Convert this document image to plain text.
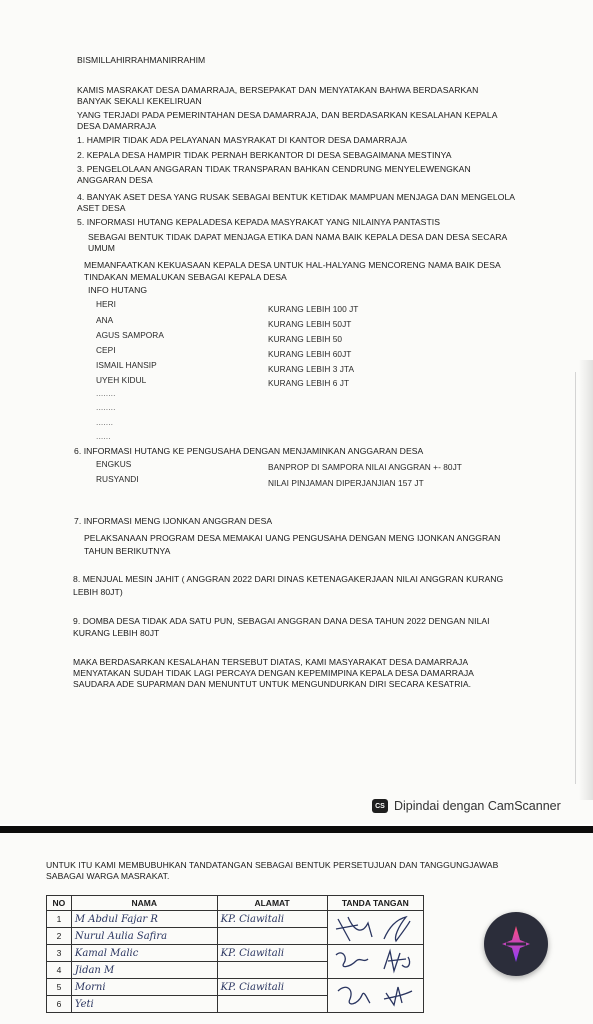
BISMILLAHIRRAHMANIRRAHIM

KAMIS MASRAKAT DESA DAMARRAJA, BERSEPAKAT DAN MENYATAKAN BAHWA BERDASARKAN

BANYAK SEKALI KEKELIRUAN

YANG TERJADI PADA PEMERINTAHAN DESA DAMARRAJA, DAN BERDASARKAN KESALAHAN KEPALA

DESA DAMARRAJA

1. HAMPIR TIDAK ADA PELAYANAN MASYRAKAT DI KANTOR DESA DAMARRAJA

2. KEPALA DESA HAMPIR TIDAK PERNAH BERKANTOR DI DESA SEBAGAIMANA MESTINYA

3. PENGELOLAAN ANGGARAN TIDAK TRANSPARAN BAHKAN CENDRUNG MENYELEWENGKAN

ANGGARAN DESA

4. BANYAK ASET DESA YANG RUSAK SEBAGAI BENTUK KETIDAK MAMPUAN MENJAGA DAN MENGELOLA

ASET DESA

5. INFORMASI HUTANG KEPALADESA KEPADA MASYRAKAT YANG NILAINYA PANTASTIS

SEBAGAI BENTUK TIDAK DAPAT MENJAGA ETIKA DAN NAMA BAIK KEPALA DESA DAN DESA SECARA

UMUM

MEMANFAATKAN KEKUASAAN KEPALA DESA UNTUK HAL-HALYANG MENCORENG NAMA BAIK DESA

TINDAKAN MEMALUKAN SEBAGAI KEPALA DESA

INFO HUTANG

HERI	KURANG LEBIH 100 JT

ANA	KURANG LEBIH 50JT

AGUS SAMPORA	KURANG LEBIH 50

CEPI	KURANG LEBIH 60JT

ISMAIL HANSIP	KURANG LEBIH 3 JTA

UYEH KIDUL	KURANG LEBIH 6 JT

........

........

.......

......

6. INFORMASI HUTANG KE PENGUSAHA DENGAN MENJAMINKAN ANGGARAN DESA

ENGKUS	BANPROP DI SAMPORA NILAI ANGGRAN +- 80JT

RUSYANDI	NILAI PINJAMAN DIPERJANJIAN 157 JT

7. INFORMASI MENG IJONKAN ANGGRAN DESA

PELAKSANAAN PROGRAM DESA MEMAKAI UANG PENGUSAHA DENGAN MENG IJONKAN ANGGRAN

TAHUN BERIKUTNYA

8. MENJUAL MESIN JAHIT ( ANGGRAN 2022 DARI DINAS KETENAGAKERJAAN NILAI ANGGRAN KURANG

LEBIH 80JT)

9. DOMBA DESA TIDAK ADA SATU PUN, SEBAGAI ANGGRAN DANA DESA TAHUN 2022 DENGAN NILAI

KURANG LEBIH 80JT

MAKA BERDASARKAN KESALAHAN TERSEBUT DIATAS, KAMI MASYARAKAT DESA DAMARRAJA

MENYATAKAN SUDAH TIDAK LAGI PERCAYA DENGAN KEPEMIMPINA KEPALA DESA DAMARRAJA

SAUDARA ADE SUPARMAN DAN MENUNTUT UNTUK MENGUNDURKAN DIRI SECARA KESATRIA.

CS Dipindai dengan CamScanner

UNTUK ITU KAMI MEMBUBUHKAN TANDATANGAN SEBAGAI BENTUK PERSETUJUAN DAN TANGGUNGJAWAB

SABAGAI WARGA MASRAKAT.

NO	NAMA	ALAMAT	TANDA TANGAN
1	M Abdul Fajar R	KP. Ciawitali	

2	Nurul Aulia Safira		
3	Kamal Malic	KP. Ciawitali	

4	Jidan M		
5	Morni	KP. Ciawitali	

6	Yeti		
